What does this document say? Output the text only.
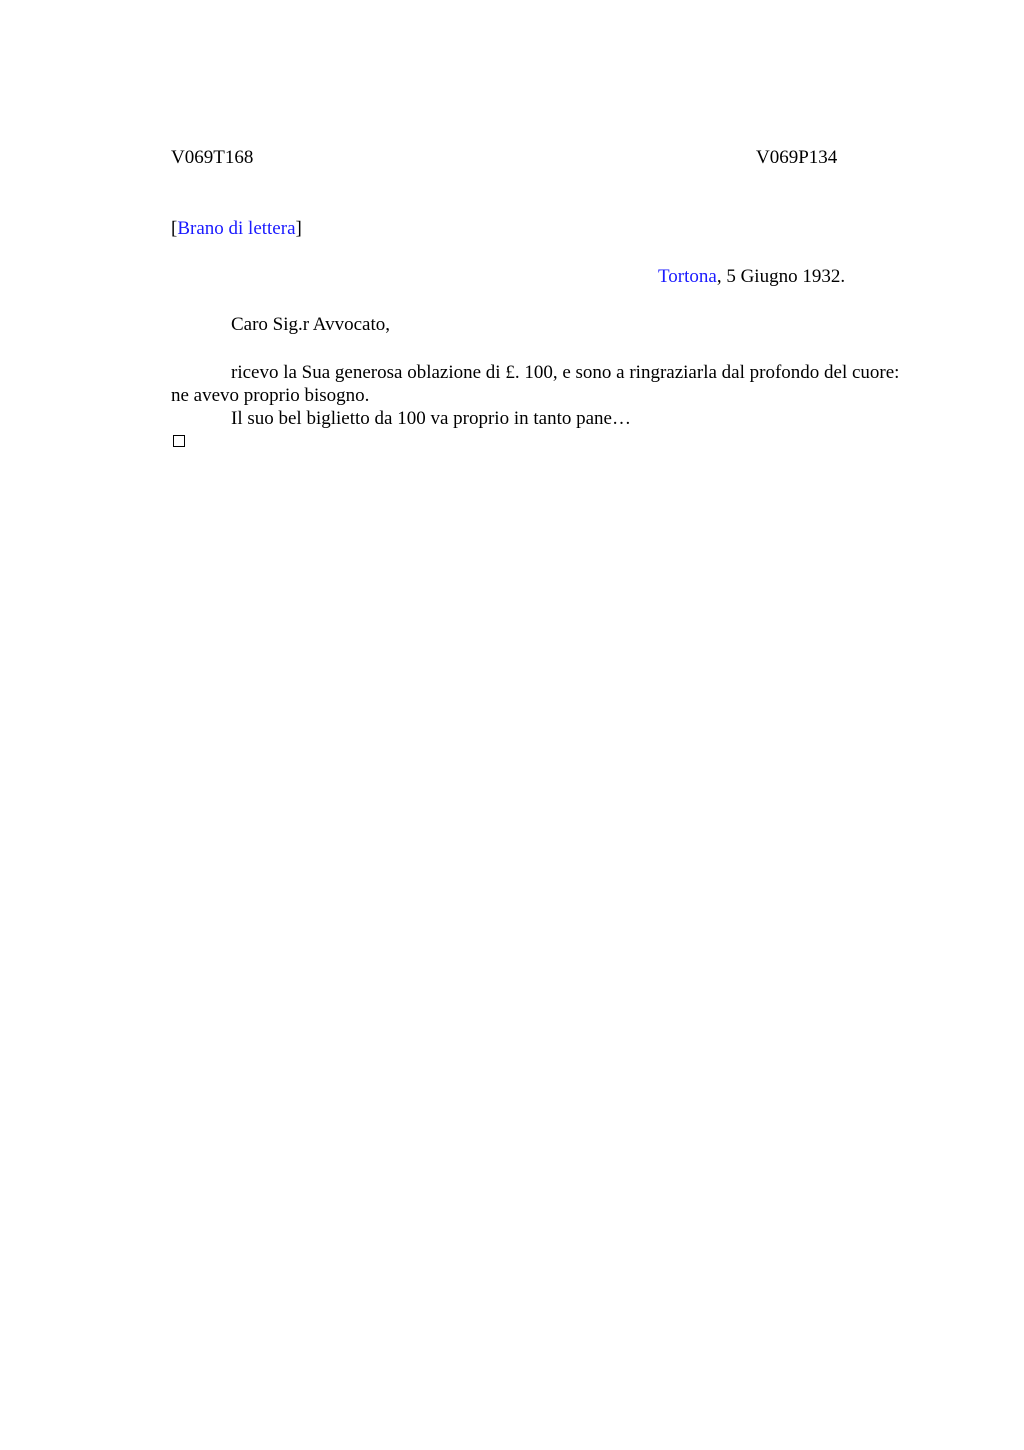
V069T168	V069P134
[Brano di lettera]
Tortona, 5 Giugno 1932.
Caro Sig.r Avvocato,

ricevo la Sua generosa oblazione di £. 100, e sono a ringraziarla dal profondo del cuore: ne avevo proprio bisogno.

Il suo bel biglietto da 100 va proprio in tanto pane…
